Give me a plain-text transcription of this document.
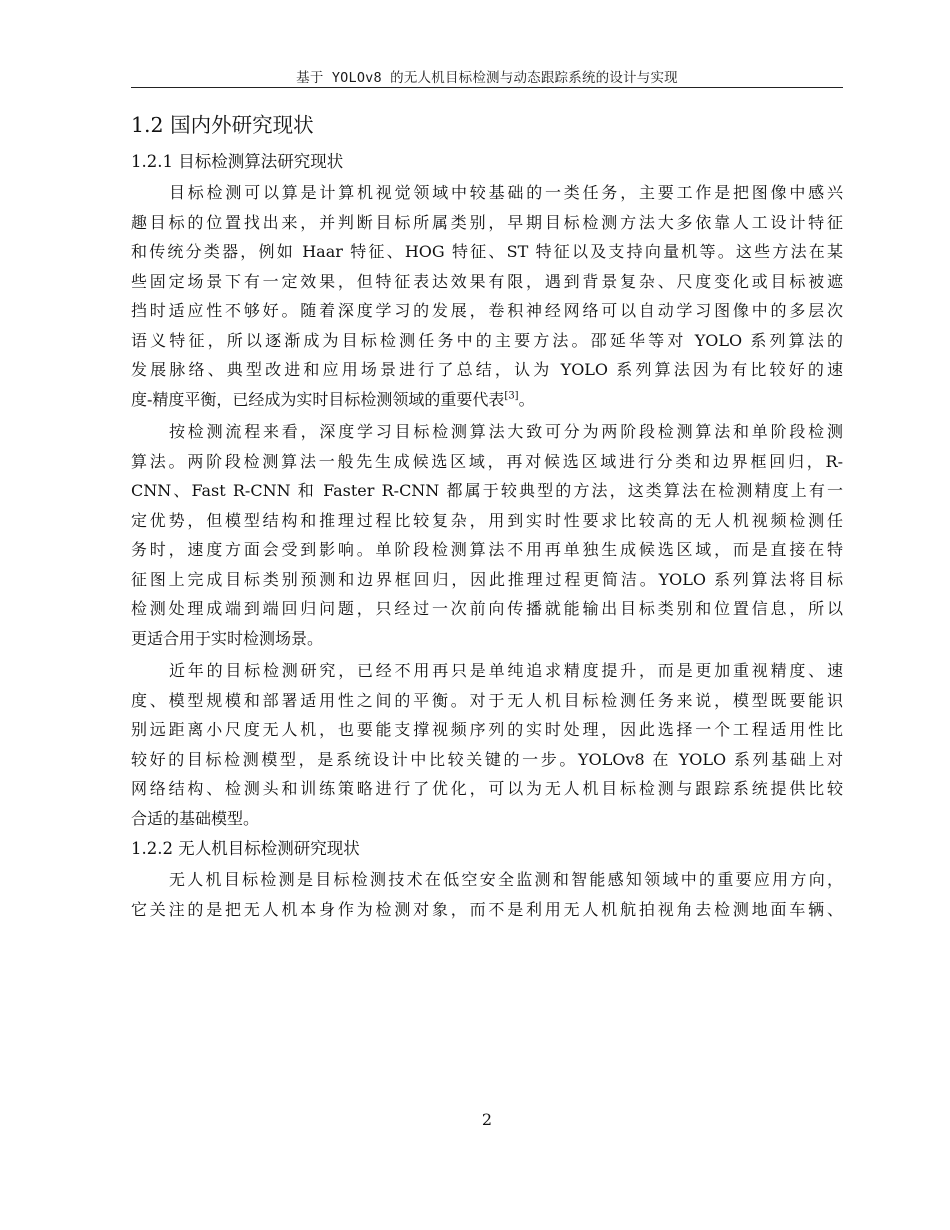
基于 YOLOv8 的无人机目标检测与动态跟踪系统的设计与实现
1.2 国内外研究现状
1.2.1 目标检测算法研究现状
目标检测可以算是计算机视觉领域中较基础的一类任务，主要工作是把图像中感兴
趣目标的位置找出来，并判断目标所属类别，早期目标检测方法大多依靠人工设计特征
和传统分类器，例如 Haar 特征、HOG 特征、ST 特征以及支持向量机等。这些方法在某
些固定场景下有一定效果，但特征表达效果有限，遇到背景复杂、尺度变化或目标被遮
挡时适应性不够好。随着深度学习的发展，卷积神经网络可以自动学习图像中的多层次
语义特征，所以逐渐成为目标检测任务中的主要方法。邵延华等对 YOLO 系列算法的
发展脉络、典型改进和应用场景进行了总结，认为 YOLO 系列算法因为有比较好的速
度-精度平衡，已经成为实时目标检测领域的重要代表[3]。
按检测流程来看，深度学习目标检测算法大致可分为两阶段检测算法和单阶段检测
算法。两阶段检测算法一般先生成候选区域，再对候选区域进行分类和边界框回归，R-
CNN、Fast R-CNN 和 Faster R-CNN 都属于较典型的方法，这类算法在检测精度上有一
定优势，但模型结构和推理过程比较复杂，用到实时性要求比较高的无人机视频检测任
务时，速度方面会受到影响。单阶段检测算法不用再单独生成候选区域，而是直接在特
征图上完成目标类别预测和边界框回归，因此推理过程更简洁。YOLO 系列算法将目标
检测处理成端到端回归问题，只经过一次前向传播就能输出目标类别和位置信息，所以
更适合用于实时检测场景。
近年的目标检测研究，已经不用再只是单纯追求精度提升，而是更加重视精度、速
度、模型规模和部署适用性之间的平衡。对于无人机目标检测任务来说，模型既要能识
别远距离小尺度无人机，也要能支撑视频序列的实时处理，因此选择一个工程适用性比
较好的目标检测模型，是系统设计中比较关键的一步。YOLOv8 在 YOLO 系列基础上对
网络结构、检测头和训练策略进行了优化，可以为无人机目标检测与跟踪系统提供比较
合适的基础模型。
1.2.2 无人机目标检测研究现状
无人机目标检测是目标检测技术在低空安全监测和智能感知领域中的重要应用方向，
它关注的是把无人机本身作为检测对象，而不是利用无人机航拍视角去检测地面车辆、
2
